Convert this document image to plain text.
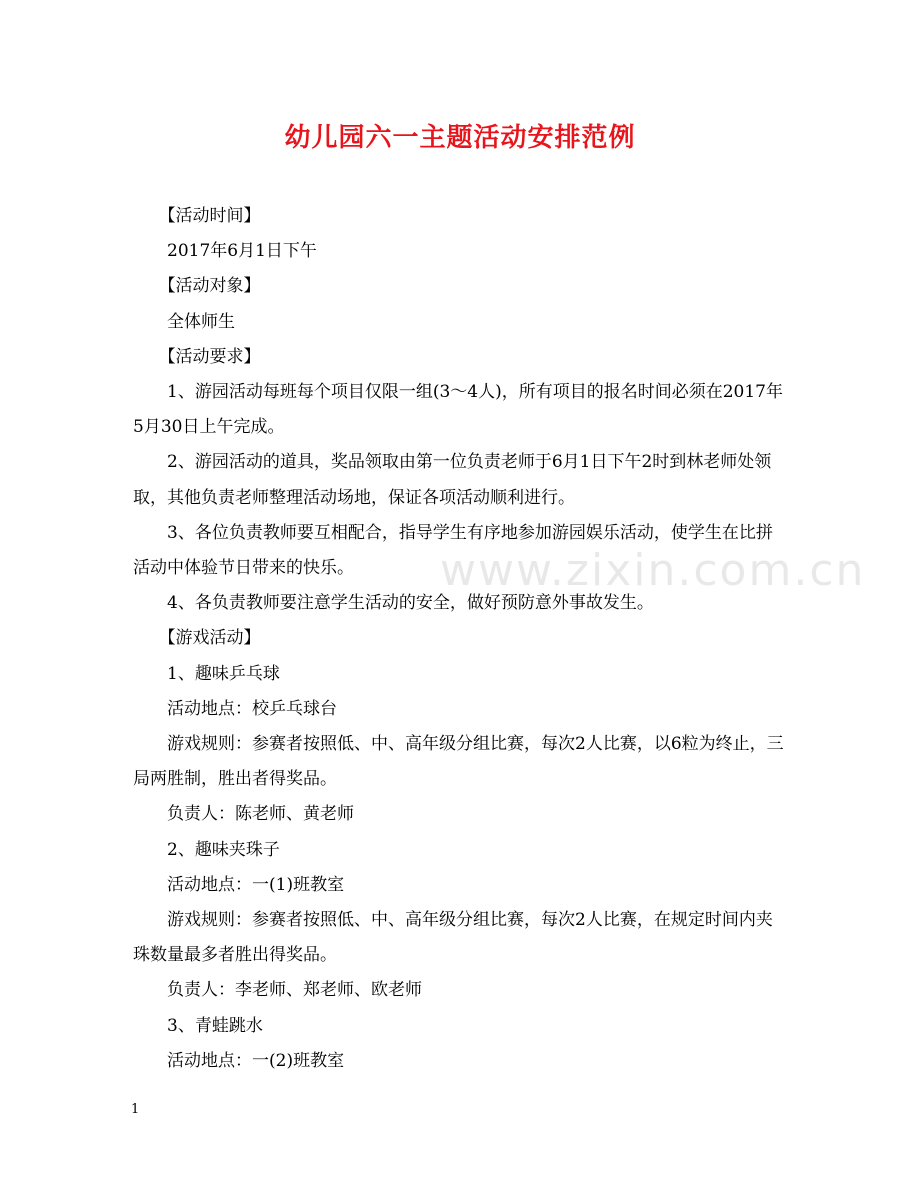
幼儿园六一主题活动安排范例
www.zixin.com.cn

【活动时间】

2017年6月1日下午

【活动对象】

全体师生

【活动要求】

1、游园活动每班每个项目仅限一组(3～4人)，所有项目的报名时间必须在2017年5月30日上午完成。

2、游园活动的道具，奖品领取由第一位负责老师于6月1日下午2时到林老师处领取，其他负责老师整理活动场地，保证各项活动顺利进行。

3、各位负责教师要互相配合，指导学生有序地参加游园娱乐活动，使学生在比拼活动中体验节日带来的快乐。

4、各负责教师要注意学生活动的安全，做好预防意外事故发生。

【游戏活动】

1、趣味乒乓球

活动地点：校乒乓球台

游戏规则：参赛者按照低、中、高年级分组比赛，每次2人比赛，以6粒为终止，三局两胜制，胜出者得奖品。

负责人：陈老师、黄老师

2、趣味夹珠子

活动地点：一(1)班教室

游戏规则：参赛者按照低、中、高年级分组比赛，每次2人比赛，在规定时间内夹珠数量最多者胜出得奖品。

负责人：李老师、郑老师、欧老师

3、青蛙跳水

活动地点：一(2)班教室

1
